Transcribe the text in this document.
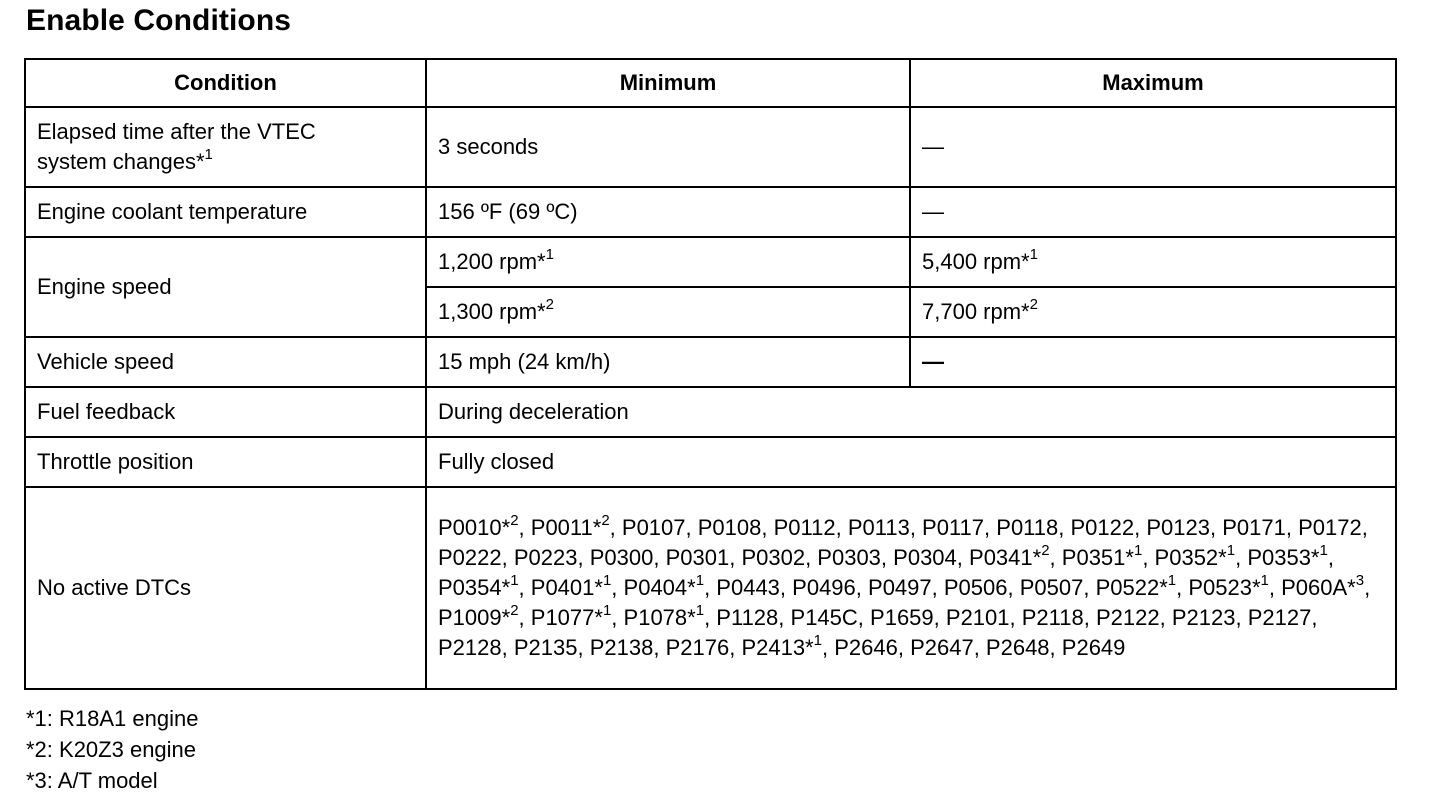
Enable Conditions
Condition	Minimum	Maximum
Elapsed time after the VTEC
system changes*$^1$	3 seconds	—
Engine coolant temperature	156 ºF (69 ºC)	—
Engine speed	1,200 rpm*$^1$	5,400 rpm*$^1$
	1,300 rpm*$^2$	7,700 rpm*$^2$
Vehicle speed	15 mph (24 km/h)	—
Fuel feedback	During deceleration	
Throttle position	Fully closed	
No active DTCs	P0010*$^2$, P0011*$^2$, P0107, P0108, P0112, P0113, P0117, P0118, P0122, P0123, P0171, P0172, P0222, P0223, P0300, P0301, P0302, P0303, P0304, P0341*$^2$, P0351*$^1$, P0352*$^1$, P0353*$^1$, P0354*$^1$, P0401*$^1$, P0404*$^1$, P0443, P0496, P0497, P0506, P0507, P0522*$^1$, P0523*$^1$, P060A*$^3$, P1009*$^2$, P1077*$^1$, P1078*$^1$, P1128, P145C, P1659, P2101, P2118, P2122, P2123, P2127, P2128, P2135, P2138, P2176, P2413*$^1$, P2646, P2647, P2648, P2649	
*1: R18A1 engine
*2: K20Z3 engine
*3: A/T model
